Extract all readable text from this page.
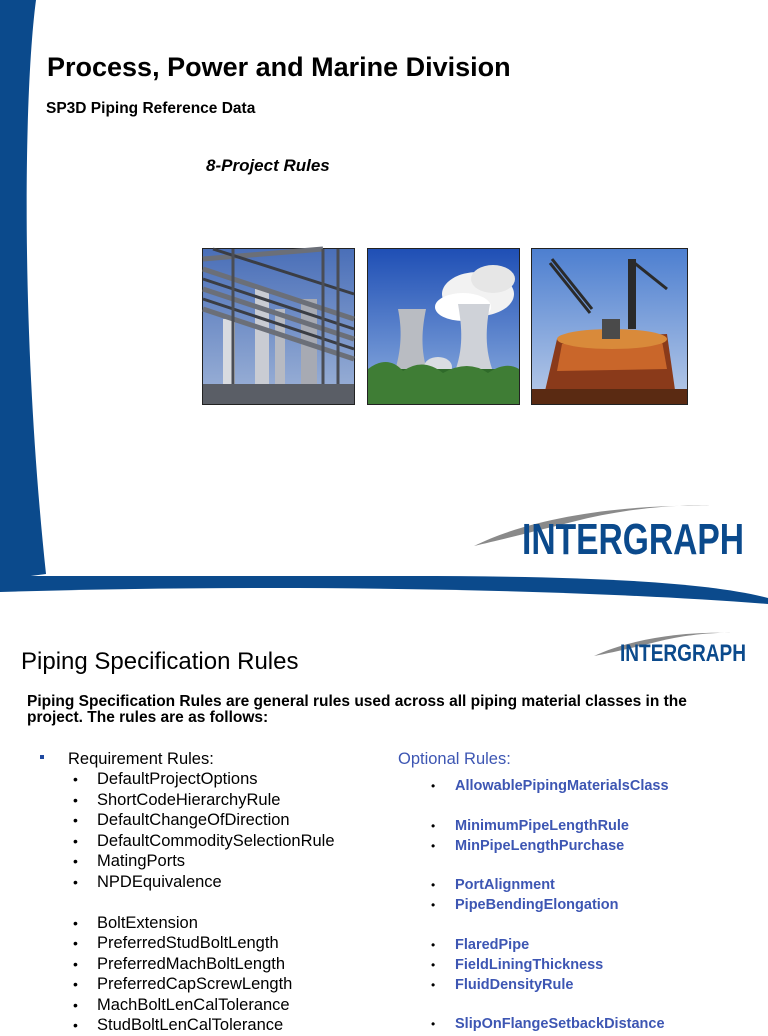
Process, Power and Marine Division
SP3D Piping Reference Data
8-Project Rules
INTERGRAPH
Piping Specification Rules	INTERGRAPH
Piping Specification Rules are general rules used across all piping material classes in the project. The rules are as follows:
Requirement Rules:
• DefaultProjectOptions
• ShortCodeHierarchyRule
• DefaultChangeOfDirection
• DefaultCommoditySelectionRule
• MatingPorts
• NPDEquivalence
• BoltExtension
• PreferredStudBoltLength
• PreferredMachBoltLength
• PreferredCapScrewLength
• MachBoltLenCalTolerance
• StudBoltLenCalTolerance
Optional Rules:
• AllowablePipingMaterialsClass
• MinimumPipeLengthRule
• MinPipeLengthPurchase
• PortAlignment
• PipeBendingElongation
• FlaredPipe
• FieldLiningThickness
• FluidDensityRule
• SlipOnFlangeSetbackDistance
